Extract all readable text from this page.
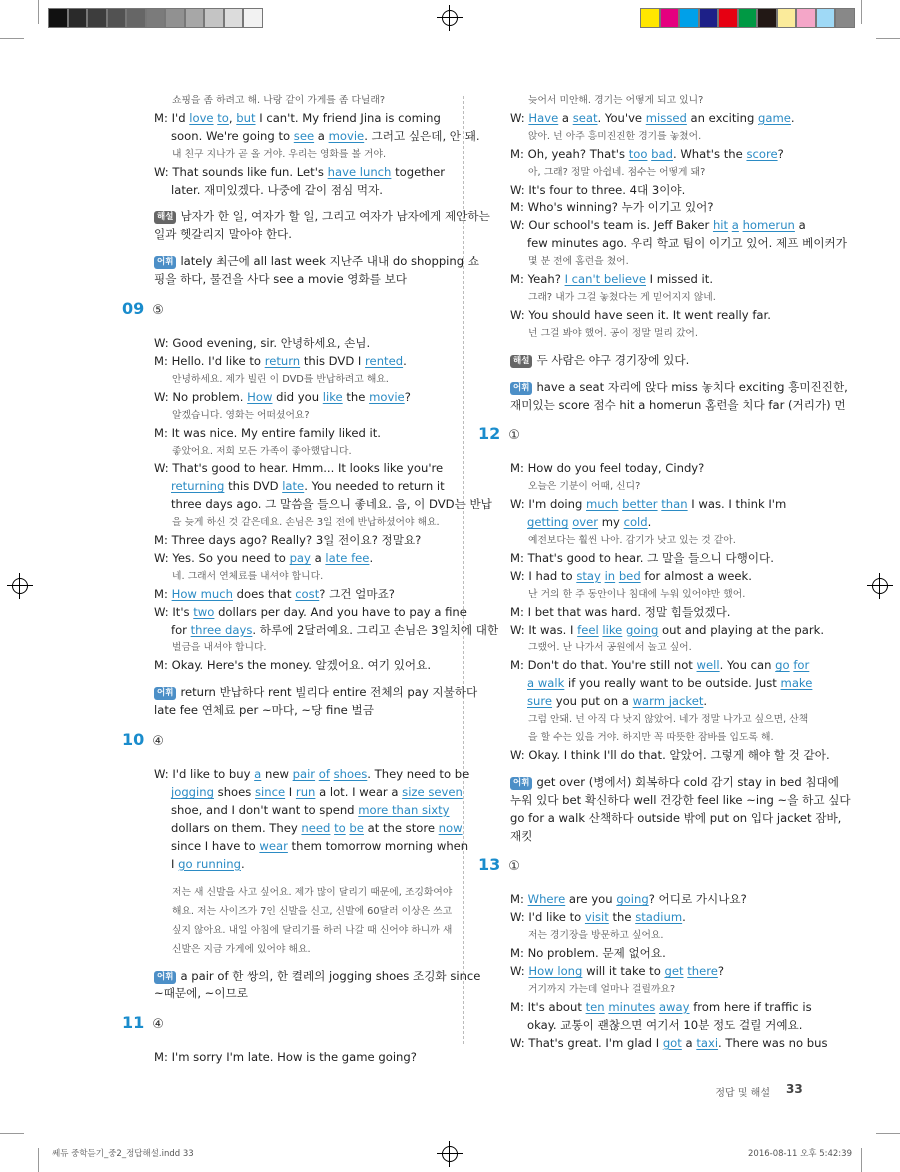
쇼핑을 좀 하려고 해. 나랑 같이 가게를 좀 다닐래?
M: I'd love to, but I can't. My friend Jina is coming
soon. We're going to see a movie. 그러고 싶은데, 안 돼.
내 친구 지나가 곧 올 거야. 우리는 영화를 볼 거야.
W: That sounds like fun. Let's have lunch together
later. 재미있겠다. 나중에 같이 점심 먹자.
해설 남자가 한 일, 여자가 할 일, 그리고 여자가 남자에게 제안하는
일과 헷갈리지 말아야 한다.
어휘 lately 최근에 all last week 지난주 내내 do shopping 쇼
핑을 하다, 물건을 사다 see a movie 영화를 보다
09 ⑤
W: Good evening, sir. 안녕하세요, 손님.
M: Hello. I'd like to return this DVD I rented.
안녕하세요. 제가 빌린 이 DVD를 반납하려고 해요.
W: No problem. How did you like the movie?
알겠습니다. 영화는 어떠셨어요?
M: It was nice. My entire family liked it.
좋았어요. 저희 모든 가족이 좋아했답니다.
W: That's good to hear. Hmm... It looks like you're
returning this DVD late. You needed to return it
three days ago. 그 말씀을 들으니 좋네요. 음, 이 DVD는 반납
을 늦게 하신 것 같은데요. 손님은 3일 전에 반납하셨어야 해요.
M: Three days ago? Really? 3일 전이요? 정말요?
W: Yes. So you need to pay a late fee.
네. 그래서 연체료를 내셔야 합니다.
M: How much does that cost? 그건 얼마죠?
W: It's two dollars per day. And you have to pay a fine
for three days. 하루에 2달러예요. 그리고 손님은 3일치에 대한
벌금을 내셔야 합니다.
M: Okay. Here's the money. 알겠어요. 여기 있어요.
어휘 return 반납하다 rent 빌리다 entire 전체의 pay 지불하다
late fee 연체료 per ~마다, ~당 fine 벌금
10 ④
W: I'd like to buy a new pair of shoes. They need to be
jogging shoes since I run a lot. I wear a size seven
shoe, and I don't want to spend more than sixty
dollars on them. They need to be at the store now
since I have to wear them tomorrow morning when
I go running.
저는 새 신발을 사고 싶어요. 제가 많이 달리기 때문에, 조깅화여야
해요. 저는 사이즈가 7인 신발을 신고, 신발에 60달러 이상은 쓰고
싶지 않아요. 내일 아침에 달리기를 하러 나갈 때 신어야 하니까 새
신발은 지금 가게에 있어야 해요.
어휘 a pair of 한 쌍의, 한 켤레의 jogging shoes 조깅화 since
~때문에, ~이므로
11 ④
M: I'm sorry I'm late. How is the game going?
늦어서 미안해. 경기는 어떻게 되고 있니?
W: Have a seat. You've missed an exciting game.
앉아. 넌 아주 흥미진진한 경기를 놓쳤어.
M: Oh, yeah? That's too bad. What's the score?
아, 그래? 정말 아쉽네. 점수는 어떻게 돼?
W: It's four to three. 4대 3이야.
M: Who's winning? 누가 이기고 있어?
W: Our school's team is. Jeff Baker hit a homerun a
few minutes ago. 우리 학교 팀이 이기고 있어. 제프 베이커가
몇 분 전에 홈런을 쳤어.
M: Yeah? I can't believe I missed it.
그래? 내가 그걸 놓쳤다는 게 믿어지지 않네.
W: You should have seen it. It went really far.
넌 그걸 봐야 했어. 공이 정말 멀리 갔어.
해설 두 사람은 야구 경기장에 있다.
어휘 have a seat 자리에 앉다 miss 놓치다 exciting 흥미진진한,
재미있는 score 점수 hit a homerun 홈런을 치다 far (거리가) 먼
12 ①
M: How do you feel today, Cindy?
오늘은 기분이 어때, 신디?
W: I'm doing much better than I was. I think I'm
getting over my cold.
예전보다는 훨씬 나아. 감기가 낫고 있는 것 같아.
M: That's good to hear. 그 말을 들으니 다행이다.
W: I had to stay in bed for almost a week.
난 거의 한 주 동안이나 침대에 누워 있어야만 했어.
M: I bet that was hard. 정말 힘들었겠다.
W: It was. I feel like going out and playing at the park.
그랬어. 난 나가서 공원에서 놀고 싶어.
M: Don't do that. You're still not well. You can go for
a walk if you really want to be outside. Just make
sure you put on a warm jacket.
그럼 안돼. 넌 아직 다 낫지 않았어. 네가 정말 나가고 싶으면, 산책
을 할 수는 있을 거야. 하지만 꼭 따뜻한 잠바를 입도록 해.
W: Okay. I think I'll do that. 알았어. 그렇게 해야 할 것 같아.
어휘 get over (병에서) 회복하다 cold 감기 stay in bed 침대에
누워 있다 bet 확신하다 well 건강한 feel like ~ing ~을 하고 싶다
go for a walk 산책하다 outside 밖에 put on 입다 jacket 잠바,
재킷
13 ①
M: Where are you going? 어디로 가시나요?
W: I'd like to visit the stadium.
저는 경기장을 방문하고 싶어요.
M: No problem. 문제 없어요.
W: How long will it take to get there?
거기까지 가는데 얼마나 걸릴까요?
M: It's about ten minutes away from here if traffic is
okay. 교통이 괜찮으면 여기서 10분 정도 걸릴 거예요.
W: That's great. I'm glad I got a taxi. There was no bus
정답 및 해설 33
쎄듀 중학듣기_중2_정답해설.indd 33	2016-08-11 오후 5:42:39
